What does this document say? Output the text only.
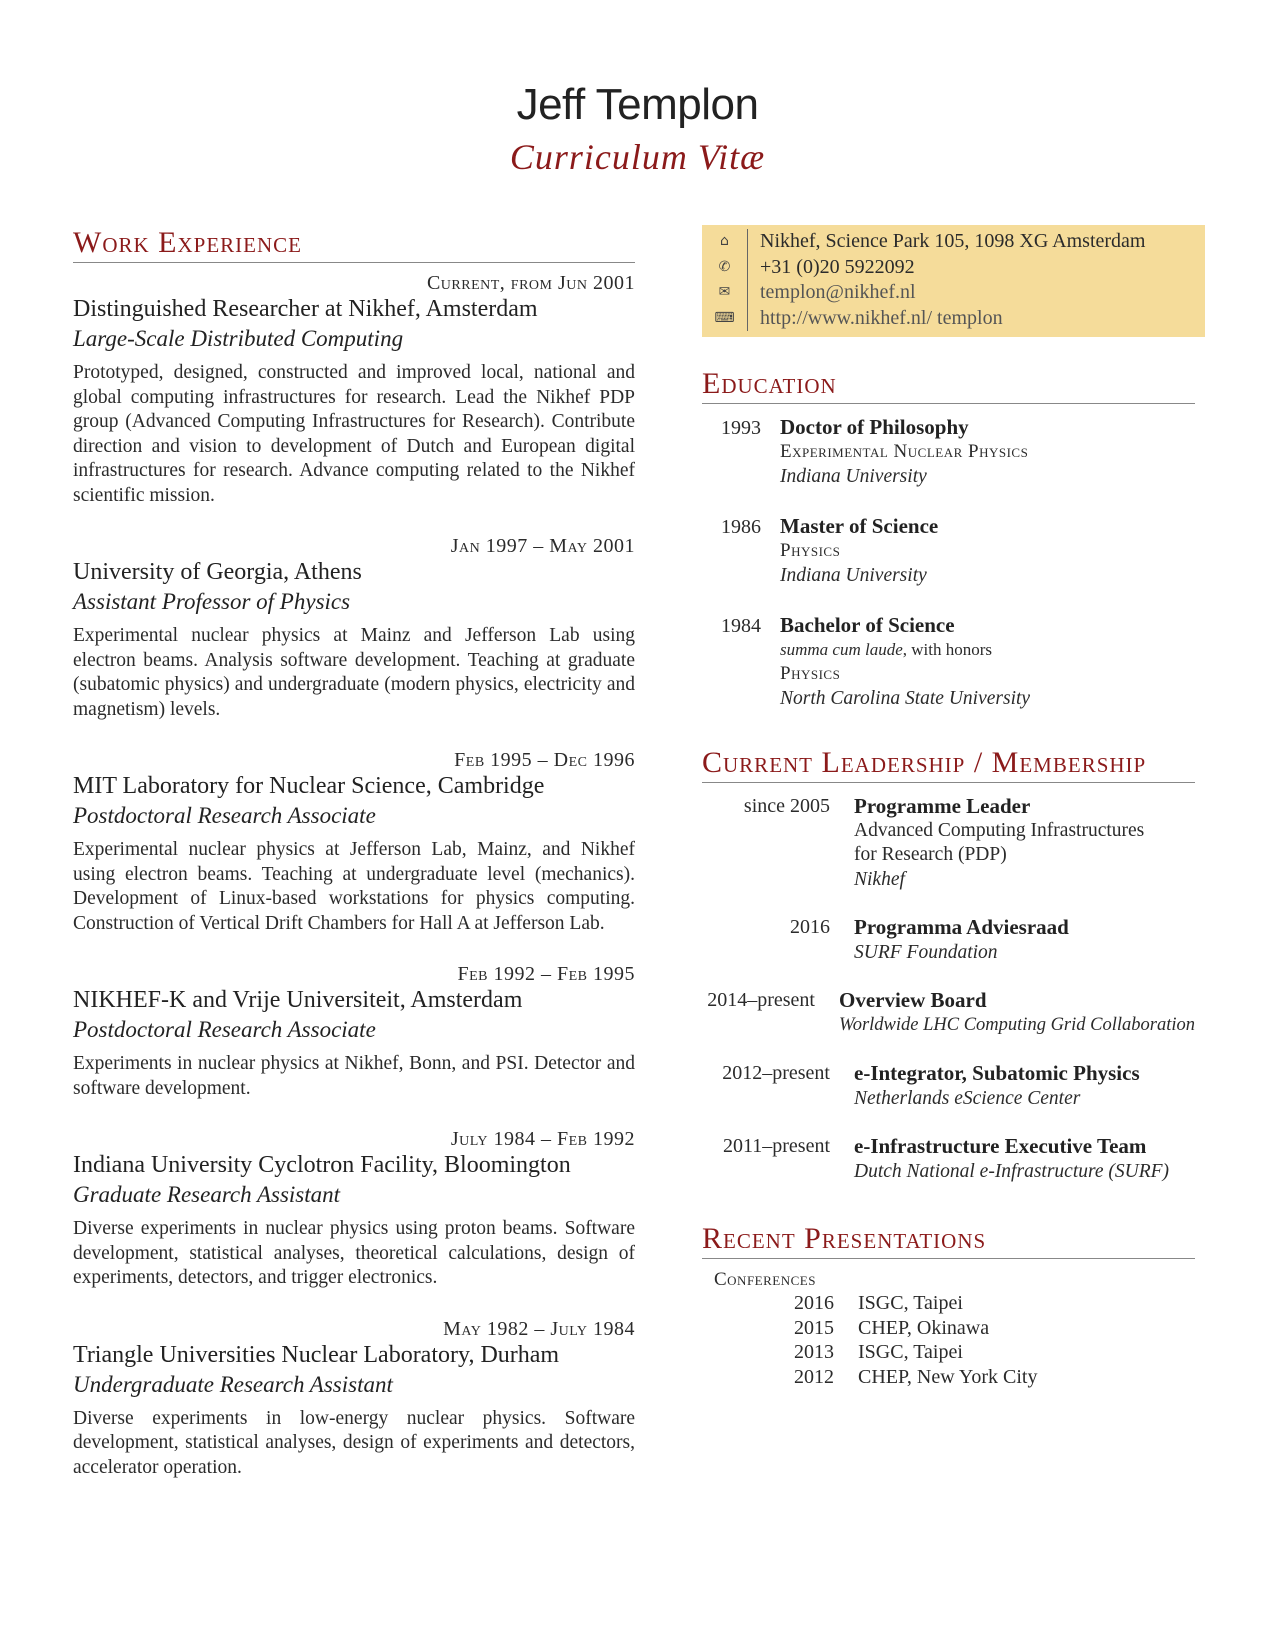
Jeff Templon
Curriculum Vitæ
Work Experience
Current, from Jun 2001
Distinguished Researcher at Nikhef, Amsterdam
Large-Scale Distributed Computing
Prototyped, designed, constructed and improved local, national and global computing infrastructures for research. Lead the Nikhef PDP group (Advanced Computing Infrastructures for Research). Contribute direction and vision to development of Dutch and European digital infrastructures for research. Advance computing related to the Nikhef scientific mission.
Jan 1997 – May 2001
University of Georgia, Athens
Assistant Professor of Physics
Experimental nuclear physics at Mainz and Jefferson Lab using electron beams. Analysis software development. Teaching at graduate (subatomic physics) and undergraduate (modern physics, electricity and magnetism) levels.
Feb 1995 – Dec 1996
MIT Laboratory for Nuclear Science, Cambridge
Postdoctoral Research Associate
Experimental nuclear physics at Jefferson Lab, Mainz, and Nikhef using electron beams. Teaching at undergraduate level (mechanics). Development of Linux-based workstations for physics computing. Construction of Vertical Drift Chambers for Hall A at Jefferson Lab.
Feb 1992 – Feb 1995
NIKHEF-K and Vrije Universiteit, Amsterdam
Postdoctoral Research Associate
Experiments in nuclear physics at Nikhef, Bonn, and PSI. Detector and software development.
July 1984 – Feb 1992
Indiana University Cyclotron Facility, Bloomington
Graduate Research Assistant
Diverse experiments in nuclear physics using proton beams. Software development, statistical analyses, theoretical calculations, design of experiments, detectors, and trigger electronics.
May 1982 – July 1984
Triangle Universities Nuclear Laboratory, Durham
Undergraduate Research Assistant
Diverse experiments in low-energy nuclear physics. Software development, statistical analyses, design of experiments and detectors, accelerator operation.
⌂	Nikhef, Science Park 105, 1098 XG Amsterdam
✆	+31 (0)20 5922092
✉	templon@nikhef.nl
⌨	http://www.nikhef.nl/ templon
Education
1993 Doctor of Philosophy
Experimental Nuclear Physics
Indiana University
1986 Master of Science
Physics
Indiana University
1984 Bachelor of Science
summa cum laude, with honors
Physics
North Carolina State University
Current Leadership / Membership
since 2005	Programme Leader
Advanced Computing Infrastructures
for Research (PDP)
Nikhef
2016	Programma Adviesraad
SURF Foundation
2014–present	Overview Board
Worldwide LHC Computing Grid Collaboration
2012–present	e-Integrator, Subatomic Physics
Netherlands eScience Center
2011–present	e-Infrastructure Executive Team
Dutch National e-Infrastructure (SURF)
Recent Presentations
Conferences
2016	ISGC, Taipei
2015	CHEP, Okinawa
2013	ISGC, Taipei
2012	CHEP, New York City
